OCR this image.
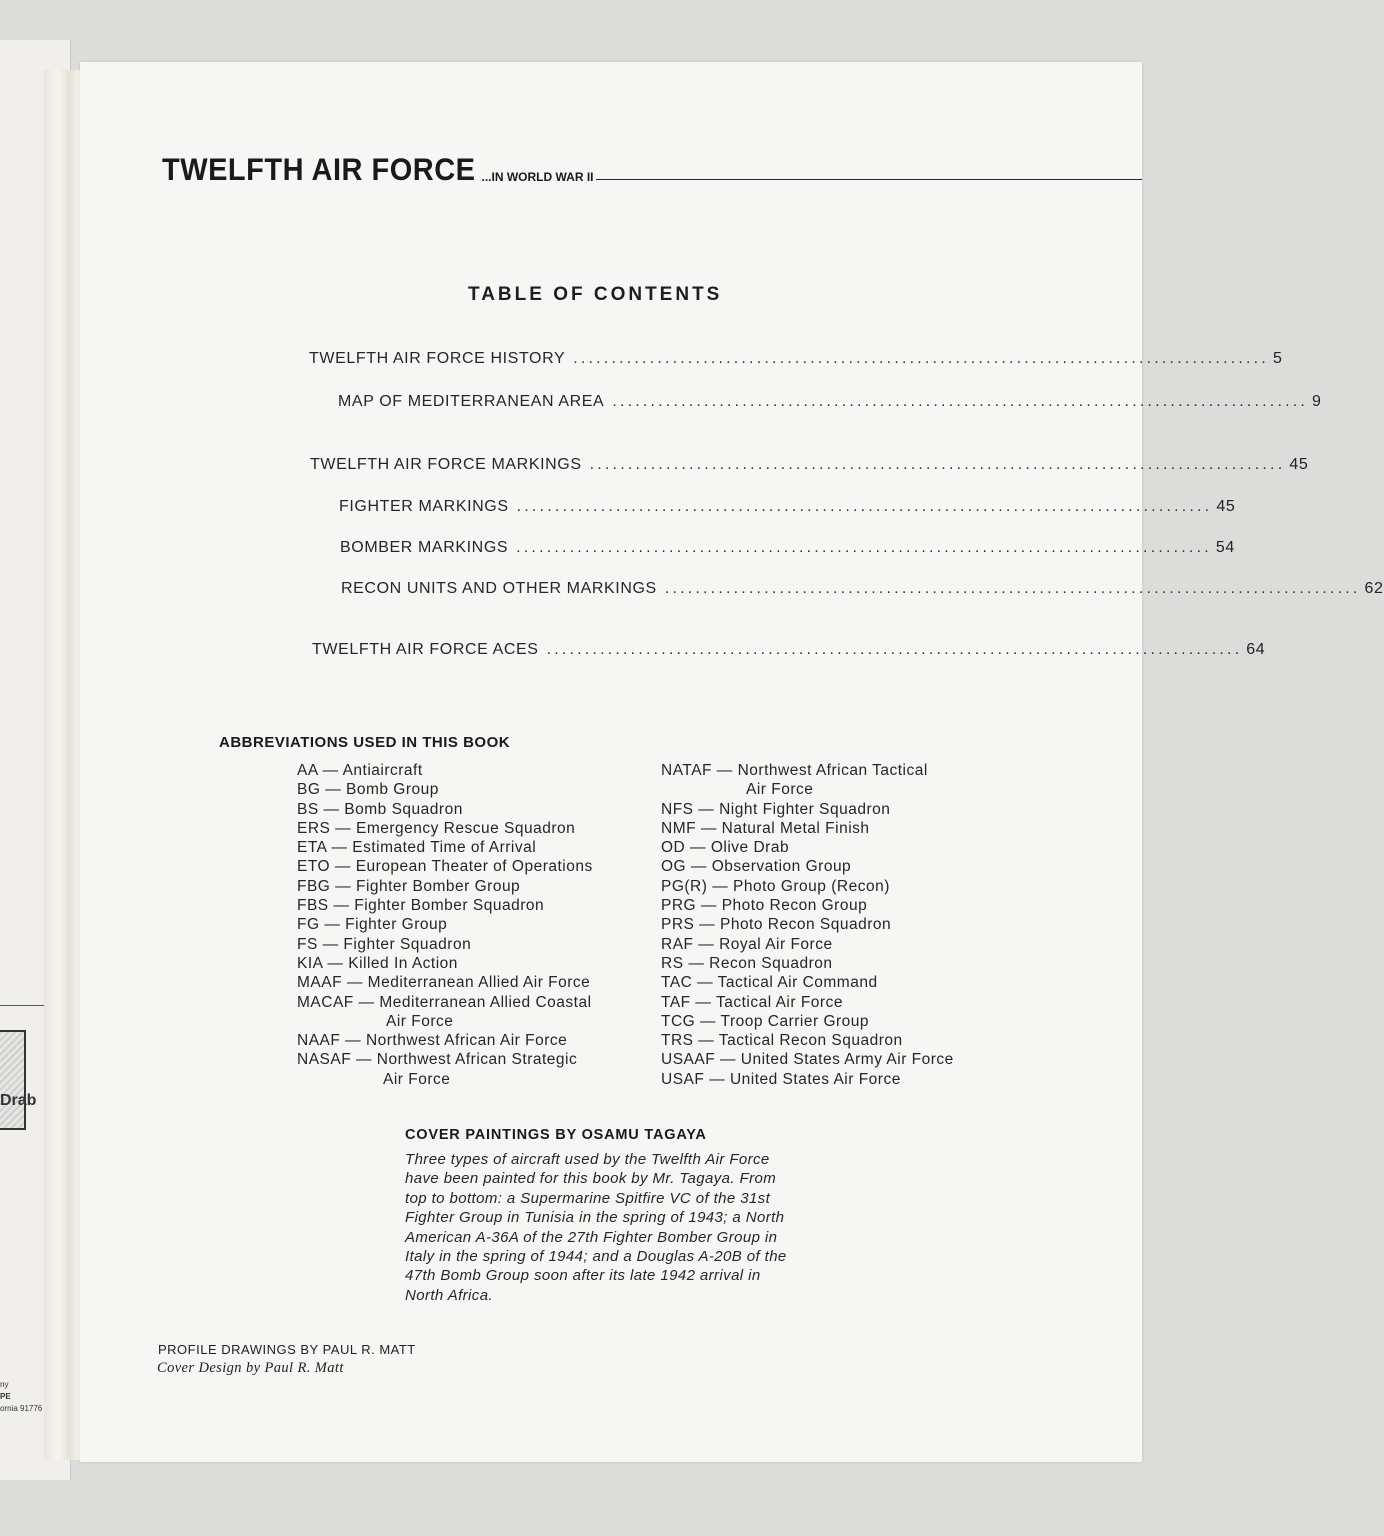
Drab
ny
PE
ornia 91776
TWELFTH AIR FORCE ...IN WORLD WAR II
TABLE OF CONTENTS
TWELFTH AIR FORCE HISTORY ........................................................................................... 5
MAP OF MEDITERRANEAN AREA ........................................................................................... 9
TWELFTH AIR FORCE MARKINGS ........................................................................................... 45
FIGHTER MARKINGS ........................................................................................... 45
BOMBER MARKINGS ........................................................................................... 54
RECON UNITS AND OTHER MARKINGS ........................................................................................... 62
TWELFTH AIR FORCE ACES ........................................................................................... 64
ABBREVIATIONS USED IN THIS BOOK
AA — Antiaircraft
BG — Bomb Group
BS — Bomb Squadron
ERS — Emergency Rescue Squadron
ETA — Estimated Time of Arrival
ETO — European Theater of Operations
FBG — Fighter Bomber Group
FBS — Fighter Bomber Squadron
FG — Fighter Group
FS — Fighter Squadron
KIA — Killed In Action
MAAF — Mediterranean Allied Air Force
MACAF — Mediterranean Allied Coastal
Air Force
NAAF — Northwest African Air Force
NASAF — Northwest African Strategic
Air Force
NATAF — Northwest African Tactical
Air Force
NFS — Night Fighter Squadron
NMF — Natural Metal Finish
OD — Olive Drab
OG — Observation Group
PG(R) — Photo Group (Recon)
PRG — Photo Recon Group
PRS — Photo Recon Squadron
RAF — Royal Air Force
RS — Recon Squadron
TAC — Tactical Air Command
TAF — Tactical Air Force
TCG — Troop Carrier Group
TRS — Tactical Recon Squadron
USAAF — United States Army Air Force
USAF — United States Air Force
COVER PAINTINGS BY OSAMU TAGAYA
Three types of aircraft used by the Twelfth Air Force
have been painted for this book by Mr. Tagaya. From
top to bottom: a Supermarine Spitfire VC of the 31st
Fighter Group in Tunisia in the spring of 1943; a North
American A-36A of the 27th Fighter Bomber Group in
Italy in the spring of 1944; and a Douglas A-20B of the
47th Bomb Group soon after its late 1942 arrival in
North Africa.
PROFILE DRAWINGS BY PAUL R. MATT
Cover Design by Paul R. Matt
